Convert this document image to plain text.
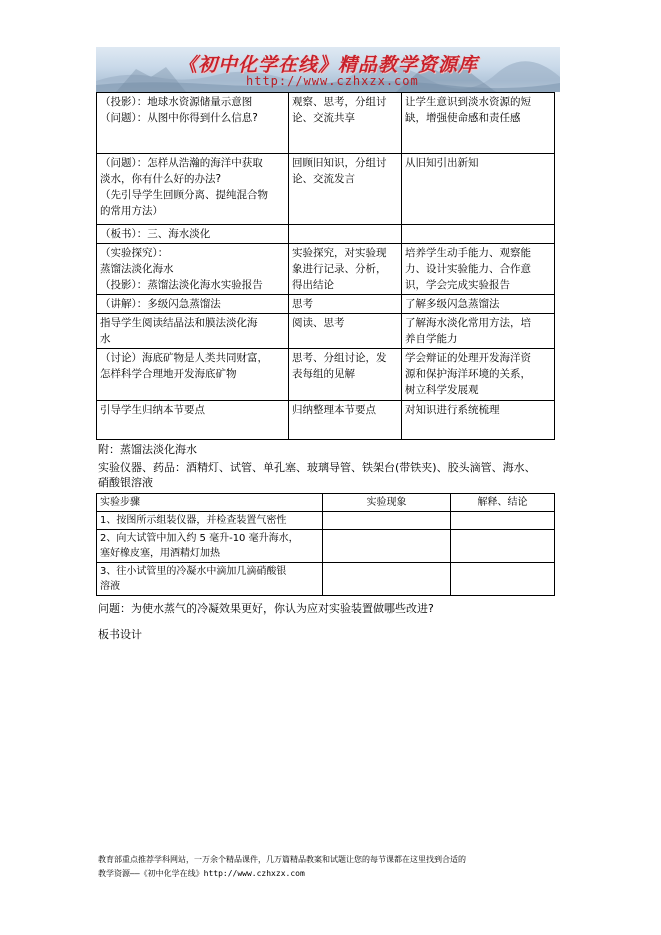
《初中化学在线》精品教学资源库
http://www.czhxzx.com
（投影）：地球水资源储量示意图
（问题）：从图中你得到什么信息?	观察、思考，分组讨
论、交流共享	让学生意识到淡水资源的短
缺，增强使命感和责任感

（问题）：怎样从浩瀚的海洋中获取
淡水，你有什么好的办法?
（先引导学生回顾分离、提纯混合物
的常用方法）	回顾旧知识，分组讨
论、交流发言	从旧知引出新知

（板书）：三、海水淡化		

（实验探究）：
蒸馏法淡化海水
（投影）：蒸馏法淡化海水实验报告	实验探究，对实验现
象进行记录、分析，
得出结论	培养学生动手能力、观察能
力、设计实验能力、合作意
识，学会完成实验报告

（讲解）：多级闪急蒸馏法	思考	了解多级闪急蒸馏法

指导学生阅读结晶法和膜法淡化海
水	阅读、思考	了解海水淡化常用方法，培
养自学能力

（讨论）海底矿物是人类共同财富，
怎样科学合理地开发海底矿物	思考、分组讨论，发
表每组的见解	学会辩证的处理开发海洋资
源和保护海洋环境的关系，
树立科学发展观

引导学生归纳本节要点	归纳整理本节要点	对知识进行系统梳理
附：蒸馏法淡化海水
实验仪器、药品：酒精灯、试管、单孔塞、玻璃导管、铁架台(带铁夹)、胶头滴管、海水、
硝酸银溶液
实验步骤	实验现象	解释、结论

1、按图所示组装仪器，并检查装置气密性		

2、向大试管中加入约 5 毫升-10 毫升海水，
塞好橡皮塞，用酒精灯加热		

3、往小试管里的冷凝水中滴加几滴硝酸银
溶液		

问题：为使水蒸气的冷凝效果更好，你认为应对实验装置做哪些改进?
板书设计
教育部重点推荐学科网站，一万余个精品课件，几万篇精品教案和试题让您的每节课都在这里找到合适的
教学资源——《初中化学在线》http://www.czhxzx.com
